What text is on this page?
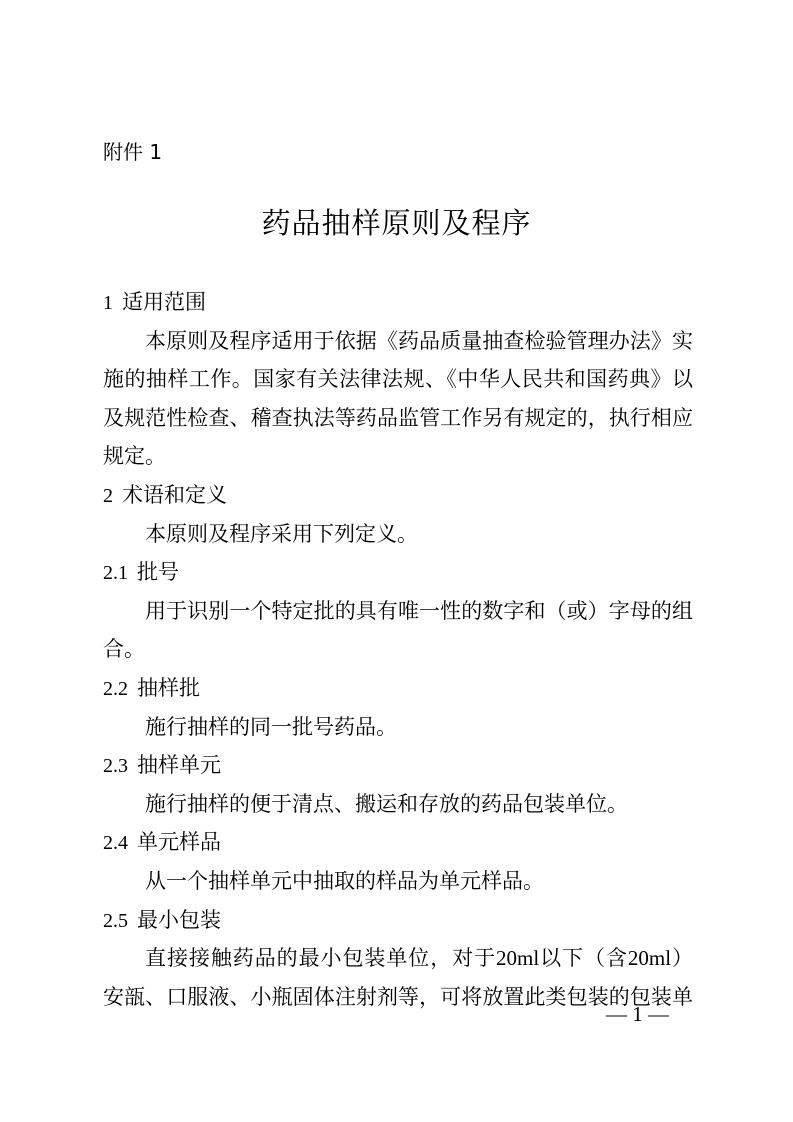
附件 1
药品抽样原则及程序
1 适用范围
本原则及程序适用于依据《药品质量抽查检验管理办法》实
施的抽样工作。国家有关法律法规、《中华人民共和国药典》以
及规范性检查、稽查执法等药品监管工作另有规定的，执行相应
规定。
2 术语和定义
本原则及程序采用下列定义。
2.1 批号
用于识别一个特定批的具有唯一性的数字和（或）字母的组
合。
2.2 抽样批
施行抽样的同一批号药品。
2.3 抽样单元
施行抽样的便于清点、搬运和存放的药品包装单位。
2.4 单元样品
从一个抽样单元中抽取的样品为单元样品。
2.5 最小包装
直接接触药品的最小包装单位，对于20ml以下（含20ml）
安瓿、口服液、小瓶固体注射剂等，可将放置此类包装的包装单
— 1 —
